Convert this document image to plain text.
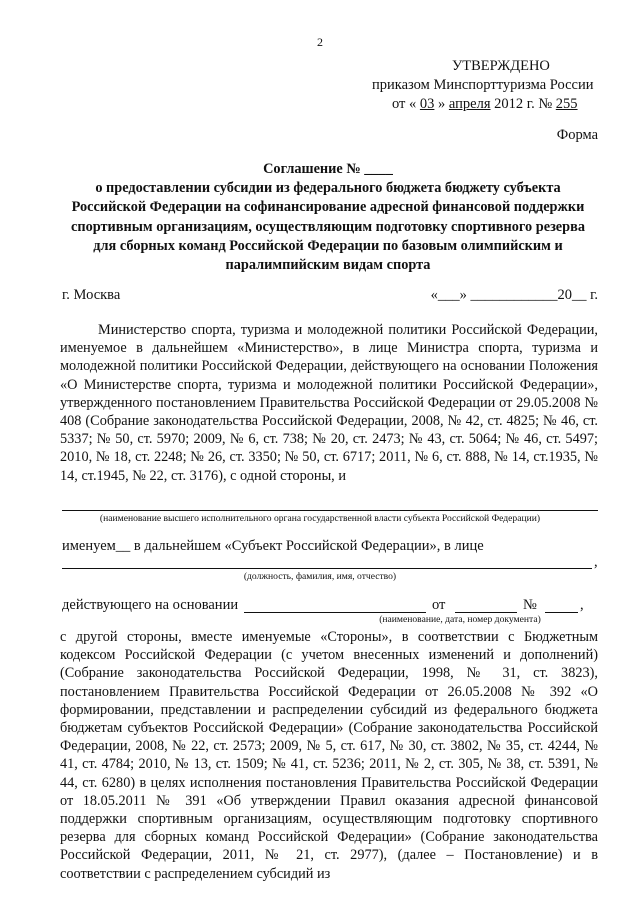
2
УТВЕРЖДЕНО
приказом Минспорттуризма России
от « 03 » апреля 2012 г. № 255
Форма
Соглашение № ____
о предоставлении субсидии из федерального бюджета бюджету субъекта
Российской Федерации на софинансирование адресной финансовой поддержки
спортивным организациям, осуществляющим подготовку спортивного резерва
для сборных команд Российской Федерации по базовым олимпийским и
паралимпийским видам спорта
г. Москва	«___» ____________20__ г.
Министерство спорта, туризма и молодежной политики Российской Федерации, именуемое в дальнейшем «Министерство», в лице Министра спорта, туризма и молодежной политики Российской Федерации, действующего на основании Положения «О Министерстве спорта, туризма и молодежной политики Российской Федерации», утвержденного постановлением Правительства Российской Федерации от 29.05.2008 № 408 (Собрание законодательства Российской Федерации, 2008, № 42, ст. 4825; № 46, ст. 5337; № 50, ст. 5970; 2009, № 6, ст. 738; № 20, ст. 2473; № 43, ст. 5064; № 46, ст. 5497; 2010, № 18, ст. 2248; № 26, ст. 3350; № 50, ст. 6717; 2011, № 6, ст. 888, № 14, ст.1935, № 14, ст.1945, № 22, ст. 3176), с одной стороны, и
(наименование высшего исполнительного органа государственной власти субъекта Российской Федерации)
именуем__ в дальнейшем «Субъект Российской Федерации», в лице
,
(должность, фамилия, имя, отчество)
действующего на основании	от	№	,
(наименование, дата, номер документа)
с другой стороны, вместе именуемые «Стороны», в соответствии с Бюджетным кодексом Российской Федерации (с учетом внесенных изменений и дополнений) (Собрание законодательства Российской Федерации, 1998, № 31, ст. 3823), постановлением Правительства Российской Федерации от 26.05.2008 № 392 «О формировании, представлении и распределении субсидий из федерального бюджета бюджетам субъектов Российской Федерации» (Собрание законодательства Российской Федерации, 2008, № 22, ст. 2573; 2009, № 5, ст. 617, № 30, ст. 3802, № 35, ст. 4244, № 41, ст. 4784; 2010, № 13, ст. 1509; № 41, ст. 5236; 2011, № 2, ст. 305, № 38, ст. 5391, № 44, ст. 6280) в целях исполнения постановления Правительства Российской Федерации от 18.05.2011 № 391 «Об утверждении Правил оказания адресной финансовой поддержки спортивным организациям, осуществляющим подготовку спортивного резерва для сборных команд Российской Федерации» (Собрание законодательства Российской Федерации, 2011, № 21, ст. 2977), (далее – Постановление) и в соответствии с распределением субсидий из
